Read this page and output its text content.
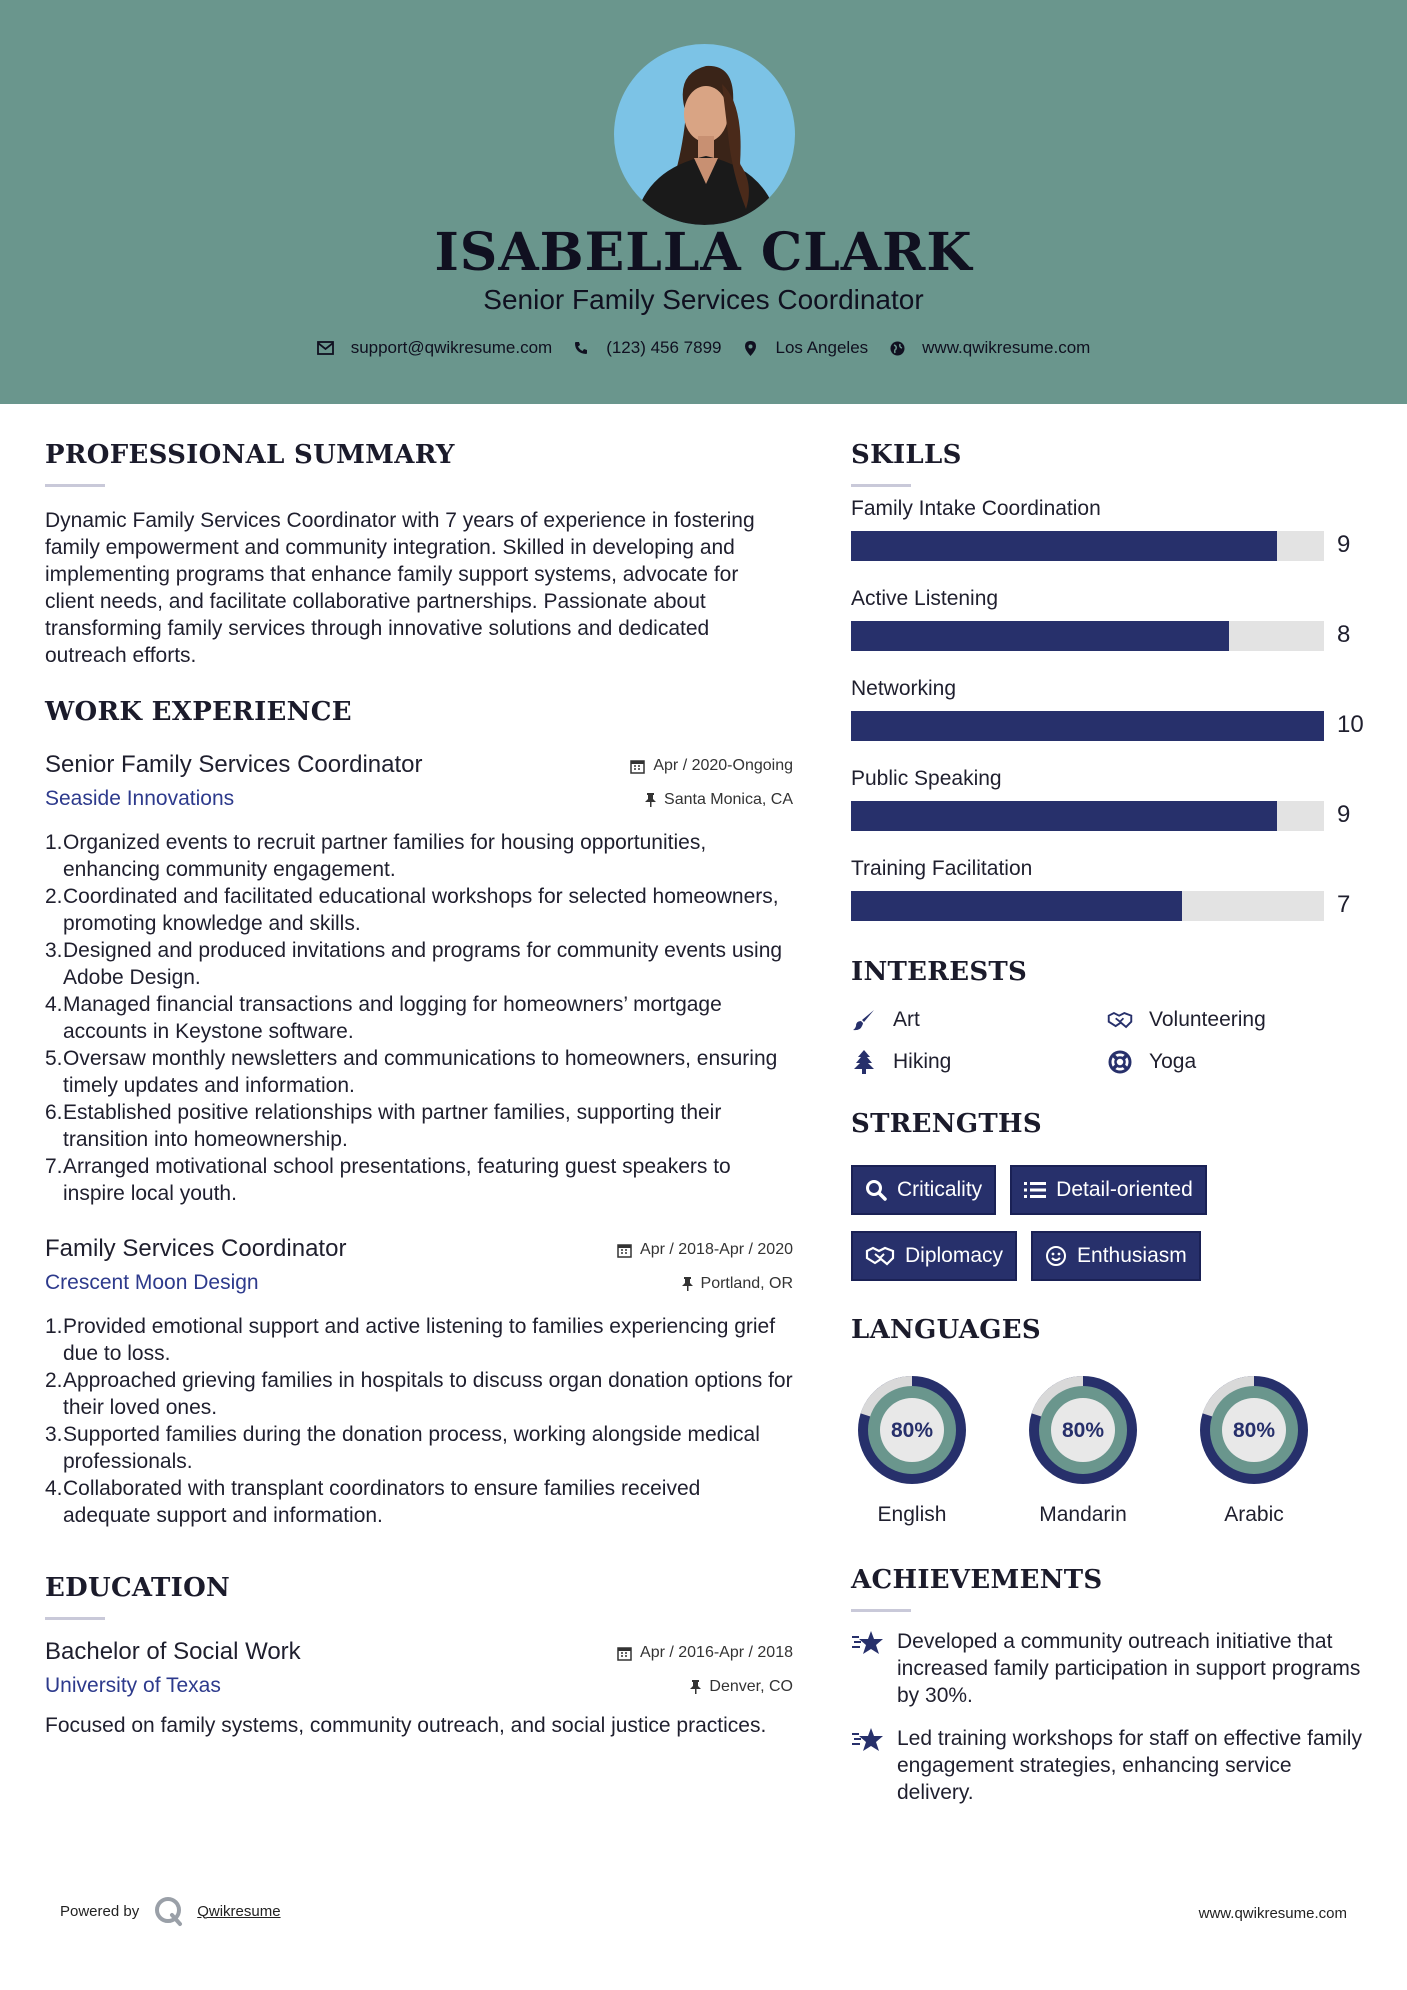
ISABELLA CLARK
Senior Family Services Coordinator
support@qwikresume.com	(123) 456 7899	Los Angeles	www.qwikresume.com
PROFESSIONAL SUMMARY
Dynamic Family Services Coordinator with 7 years of experience in fostering family empowerment and community integration. Skilled in developing and implementing programs that enhance family support systems, advocate for client needs, and facilitate collaborative partnerships. Passionate about transforming family services through innovative solutions and dedicated outreach efforts.
WORK EXPERIENCE
Senior Family Services Coordinator	Apr / 2020-Ongoing
Seaside Innovations	Santa Monica, CA
1. Organized events to recruit partner families for housing opportunities, enhancing community engagement.
2. Coordinated and facilitated educational workshops for selected homeowners, promoting knowledge and skills.
3. Designed and produced invitations and programs for community events using Adobe Design.
4. Managed financial transactions and logging for homeowners’ mortgage accounts in Keystone software.
5. Oversaw monthly newsletters and communications to homeowners, ensuring timely updates and information.
6. Established positive relationships with partner families, supporting their transition into homeownership.
7. Arranged motivational school presentations, featuring guest speakers to inspire local youth.
Family Services Coordinator	Apr / 2018-Apr / 2020
Crescent Moon Design	Portland, OR
1. Provided emotional support and active listening to families experiencing grief due to loss.
2. Approached grieving families in hospitals to discuss organ donation options for their loved ones.
3. Supported families during the donation process, working alongside medical professionals.
4. Collaborated with transplant coordinators to ensure families received adequate support and information.
EDUCATION
Bachelor of Social Work	Apr / 2016-Apr / 2018
University of Texas	Denver, CO
Focused on family systems, community outreach, and social justice practices.
SKILLS
Family Intake Coordination
9
Active Listening
8
Networking
10
Public Speaking
9
Training Facilitation
7
INTERESTS
Art	Volunteering
Hiking	Yoga
STRENGTHS
Criticality	Detail-oriented
Diplomacy	Enthusiasm
LANGUAGES
80%
English
80%
Mandarin
80%
Arabic
ACHIEVEMENTS
Developed a community outreach initiative that increased family participation in support programs by 30%.
Led training workshops for staff on effective family engagement strategies, enhancing service delivery.
Powered by	Qwikresume	www.qwikresume.com
